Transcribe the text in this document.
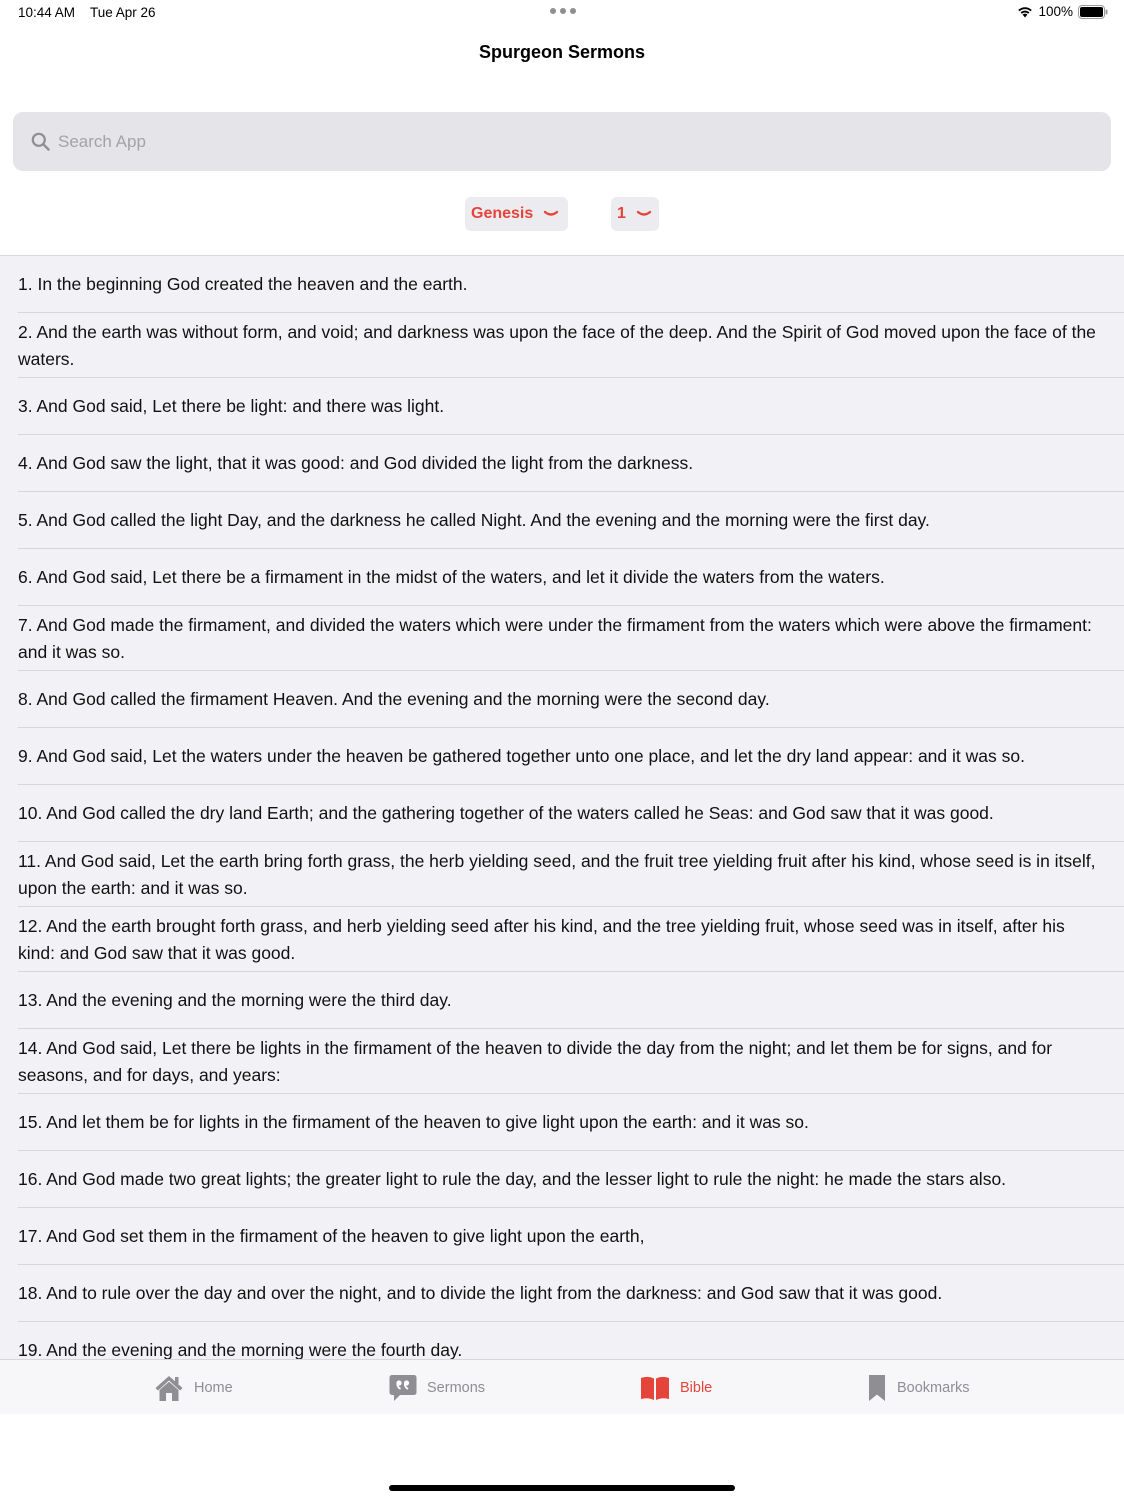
10:44 AM Tue Apr 26	100%
Spurgeon Sermons
Search App
Genesis	1
1. In the beginning God created the heaven and the earth.
2. And the earth was without form, and void; and darkness was upon the face of the deep. And the Spirit of God moved upon the face of the waters.
3. And God said, Let there be light: and there was light.
4. And God saw the light, that it was good: and God divided the light from the darkness.
5. And God called the light Day, and the darkness he called Night. And the evening and the morning were the first day.
6. And God said, Let there be a firmament in the midst of the waters, and let it divide the waters from the waters.
7. And God made the firmament, and divided the waters which were under the firmament from the waters which were above the firmament: and it was so.
8. And God called the firmament Heaven. And the evening and the morning were the second day.
9. And God said, Let the waters under the heaven be gathered together unto one place, and let the dry land appear: and it was so.
10. And God called the dry land Earth; and the gathering together of the waters called he Seas: and God saw that it was good.
11. And God said, Let the earth bring forth grass, the herb yielding seed, and the fruit tree yielding fruit after his kind, whose seed is in itself, upon the earth: and it was so.
12. And the earth brought forth grass, and herb yielding seed after his kind, and the tree yielding fruit, whose seed was in itself, after his kind: and God saw that it was good.
13. And the evening and the morning were the third day.
14. And God said, Let there be lights in the firmament of the heaven to divide the day from the night; and let them be for signs, and for seasons, and for days, and years:
15. And let them be for lights in the firmament of the heaven to give light upon the earth: and it was so.
16. And God made two great lights; the greater light to rule the day, and the lesser light to rule the night: he made the stars also.
17. And God set them in the firmament of the heaven to give light upon the earth,
18. And to rule over the day and over the night, and to divide the light from the darkness: and God saw that it was good.
19. And the evening and the morning were the fourth day.
Home	Sermons	Bible	Bookmarks
